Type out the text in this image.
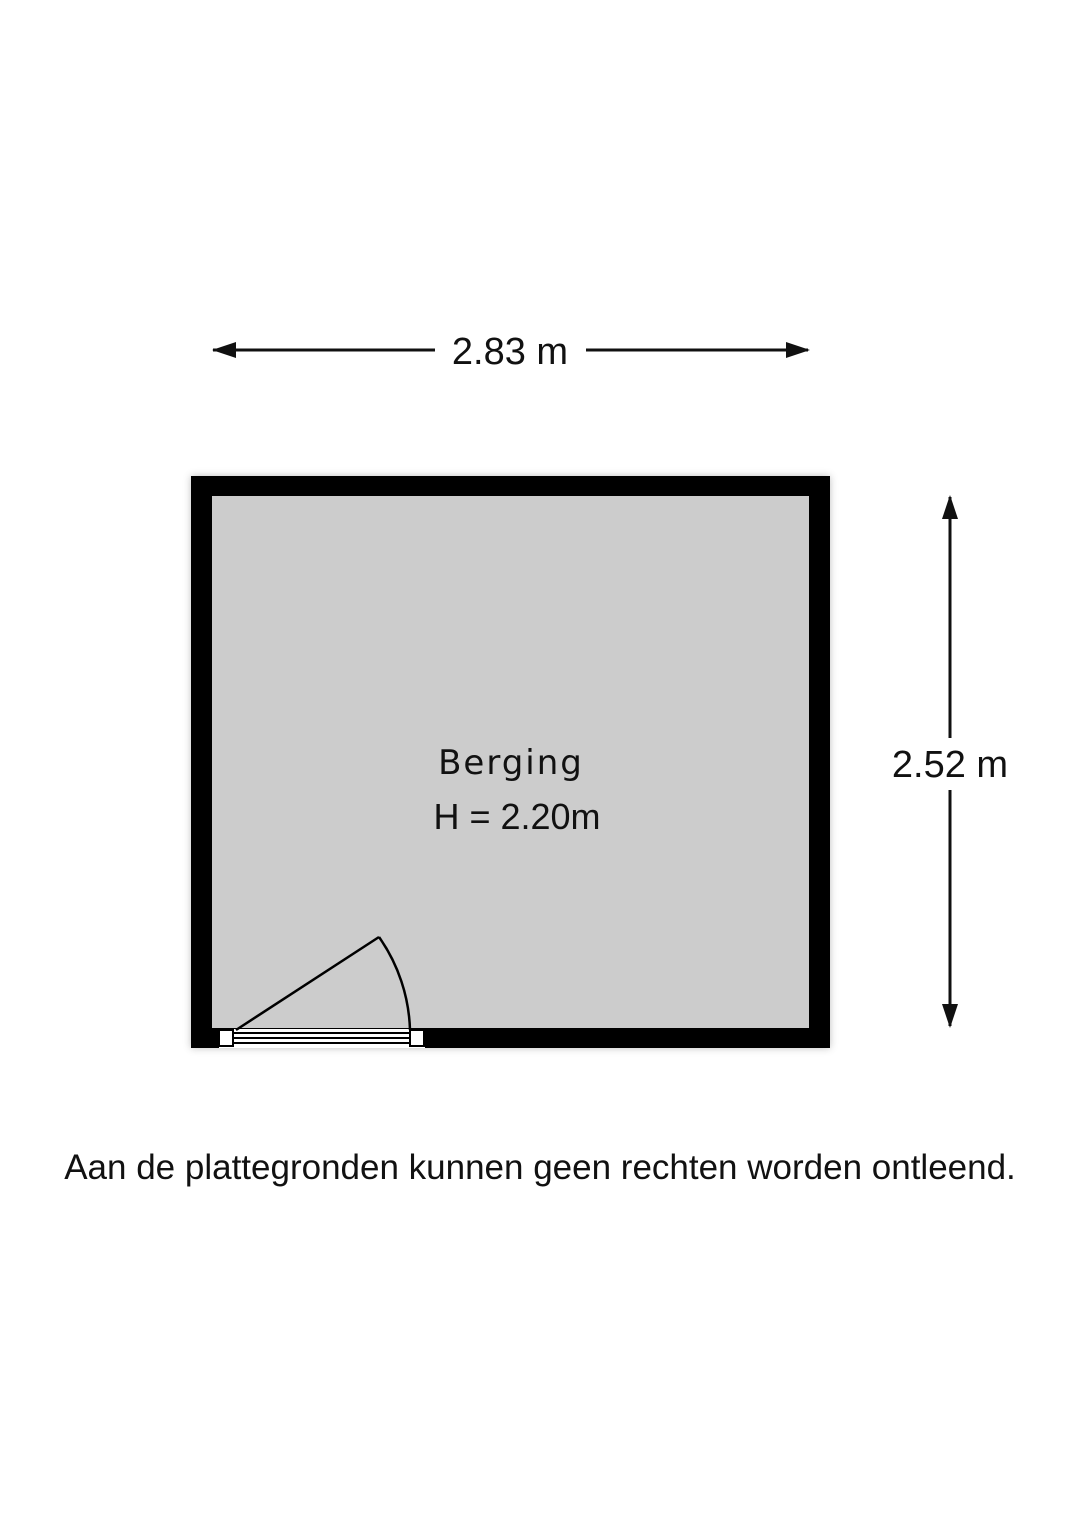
2.83 m
2.52 m
Berging
H = 2.20m
Aan de plattegronden kunnen geen rechten worden ontleend.
